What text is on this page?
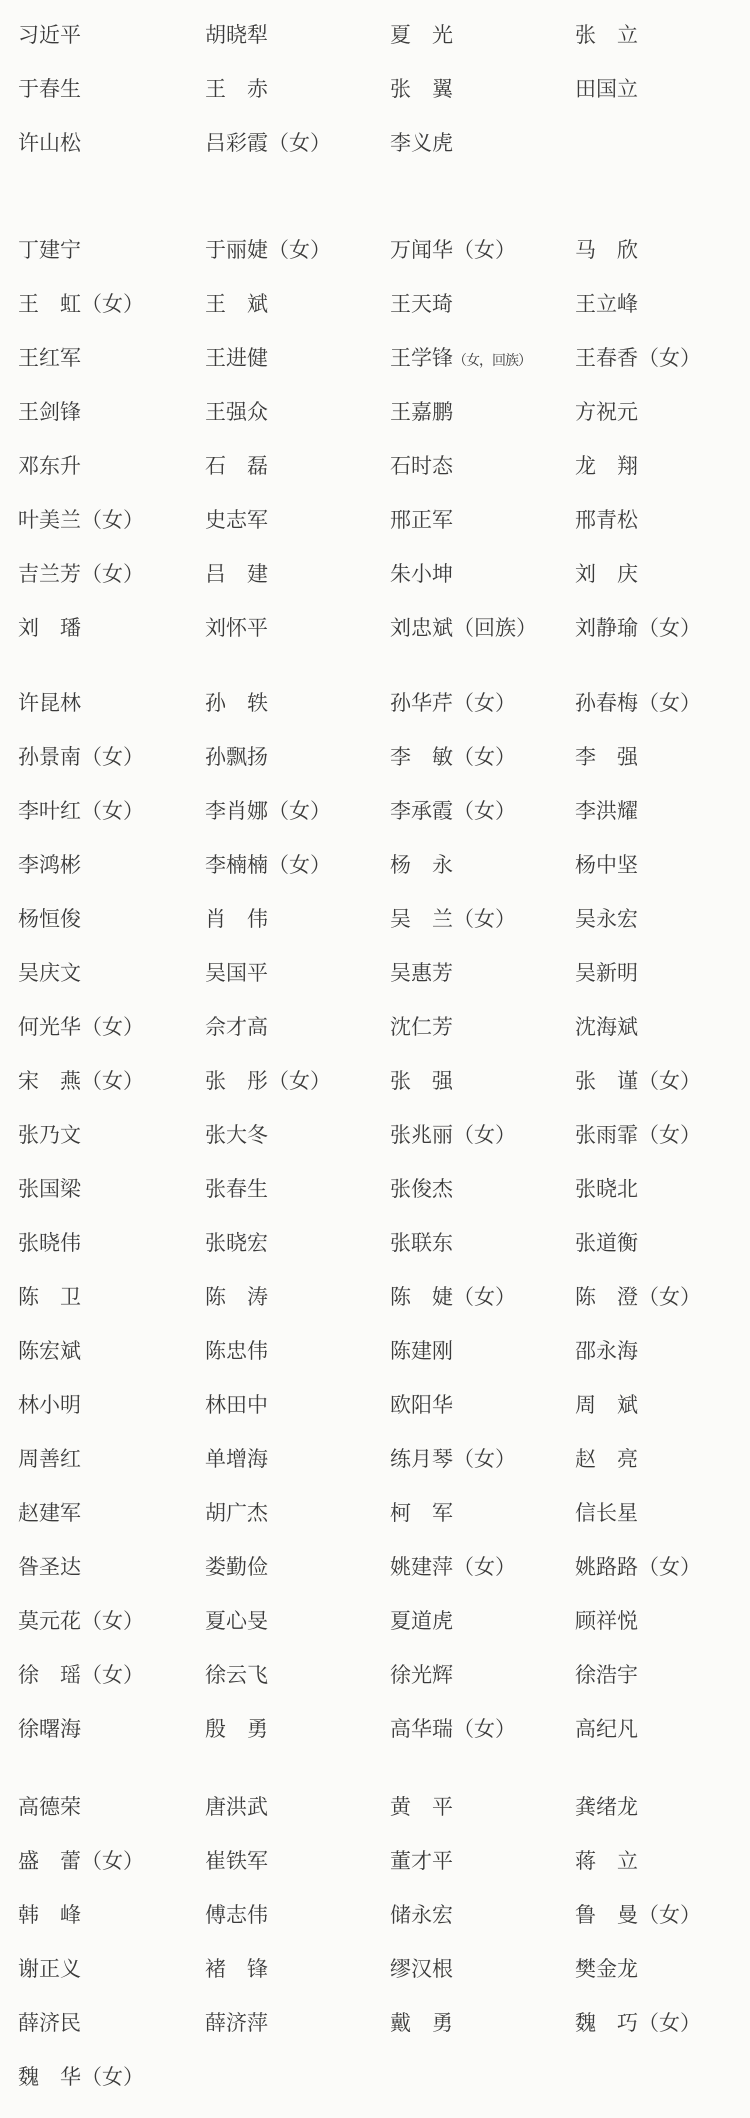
习近平	胡晓犁	夏　光	张　立
于春生	王　赤	张　翼	田国立
许山松	吕彩霞（女）	李义虎
丁建宁	于丽婕（女）	万闻华（女）	马　欣
王　虹（女）	王　斌	王天琦	王立峰
王红军	王进健	王学锋（女，回族）	王春香（女）
王剑锋	王强众	王嘉鹏	方祝元
邓东升	石　磊	石时态	龙　翔
叶美兰（女）	史志军	邢正军	邢青松
吉兰芳（女）	吕　建	朱小坤	刘　庆
刘　璠	刘怀平	刘忠斌（回族）	刘静瑜（女）
许昆林	孙　轶	孙华芹（女）	孙春梅（女）
孙景南（女）	孙飘扬	李　敏（女）	李　强
李叶红（女）	李肖娜（女）	李承霞（女）	李洪耀
李鸿彬	李楠楠（女）	杨　永	杨中坚
杨恒俊	肖　伟	吴　兰（女）	吴永宏
吴庆文	吴国平	吴惠芳	吴新明
何光华（女）	佘才高	沈仁芳	沈海斌
宋　燕（女）	张　彤（女）	张　强	张　谨（女）
张乃文	张大冬	张兆丽（女）	张雨霏（女）
张国梁	张春生	张俊杰	张晓北
张晓伟	张晓宏	张联东	张道衡
陈　卫	陈　涛	陈　婕（女）	陈　澄（女）
陈宏斌	陈忠伟	陈建刚	邵永海
林小明	林田中	欧阳华	周　斌
周善红	单增海	练月琴（女）	赵　亮
赵建军	胡广杰	柯　军	信长星
昝圣达	娄勤俭	姚建萍（女）	姚路路（女）
莫元花（女）	夏心旻	夏道虎	顾祥悦
徐　瑶（女）	徐云飞	徐光辉	徐浩宇
徐曙海	殷　勇	高华瑞（女）	高纪凡
高德荣	唐洪武	黄　平	龚绪龙
盛　蕾（女）	崔铁军	董才平	蒋　立
韩　峰	傅志伟	储永宏	鲁　曼（女）
谢正义	褚　锋	缪汉根	樊金龙
薛济民	薛济萍	戴　勇	魏　巧（女）
魏　华（女）
